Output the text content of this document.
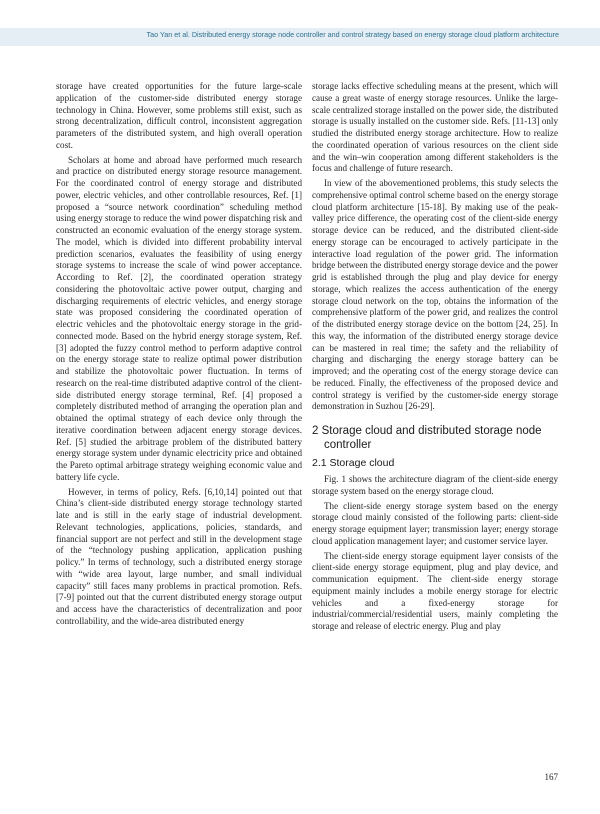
Tao Yan et al. Distributed energy storage node controller and control strategy based on energy storage cloud platform architecture

storage have created opportunities for the future large-scale application of the customer-side distributed energy storage technology in China. However, some problems still exist, such as strong decentralization, difficult control, inconsistent aggregation parameters of the distributed system, and high overall operation cost.

Scholars at home and abroad have performed much research and practice on distributed energy storage resource management. For the coordinated control of energy storage and distributed power, electric vehicles, and other controllable resources, Ref. [1] proposed a “source network coordination” scheduling method using energy storage to reduce the wind power dispatching risk and constructed an economic evaluation of the energy storage system. The model, which is divided into different probability interval prediction scenarios, evaluates the feasibility of using energy storage systems to increase the scale of wind power acceptance. According to Ref. [2], the coordinated operation strategy considering the photovoltaic active power output, charging and discharging requirements of electric vehicles, and energy storage state was proposed considering the coordinated operation of electric vehicles and the photovoltaic energy storage in the grid-connected mode. Based on the hybrid energy storage system, Ref. [3] adopted the fuzzy control method to perform adaptive control on the energy storage state to realize optimal power distribution and stabilize the photovoltaic power fluctuation. In terms of research on the real-time distributed adaptive control of the client-side distributed energy storage terminal, Ref. [4] proposed a completely distributed method of arranging the operation plan and obtained the optimal strategy of each device only through the iterative coordination between adjacent energy storage devices. Ref. [5] studied the arbitrage problem of the distributed battery energy storage system under dynamic electricity price and obtained the Pareto optimal arbitrage strategy weighing economic value and battery life cycle.

However, in terms of policy, Refs. [6,10,14] pointed out that China’s client-side distributed energy storage technology started late and is still in the early stage of industrial development. Relevant technologies, applications, policies, standards, and financial support are not perfect and still in the development stage of the “technology pushing application, application pushing policy.” In terms of technology, such a distributed energy storage with “wide area layout, large number, and small individual capacity” still faces many problems in practical promotion. Refs. [7-9] pointed out that the current distributed energy storage output and access have the characteristics of decentralization and poor controllability, and the wide-area distributed energy

storage lacks effective scheduling means at the present, which will cause a great waste of energy storage resources. Unlike the large-scale centralized storage installed on the power side, the distributed storage is usually installed on the customer side. Refs. [11-13] only studied the distributed energy storage architecture. How to realize the coordinated operation of various resources on the client side and the win–win cooperation among different stakeholders is the focus and challenge of future research.

In view of the abovementioned problems, this study selects the comprehensive optimal control scheme based on the energy storage cloud platform architecture [15-18]. By making use of the peak-valley price difference, the operating cost of the client-side energy storage device can be reduced, and the distributed client-side energy storage can be encouraged to actively participate in the interactive load regulation of the power grid. The information bridge between the distributed energy storage device and the power grid is established through the plug and play device for energy storage, which realizes the access authentication of the energy storage cloud network on the top, obtains the information of the comprehensive platform of the power grid, and realizes the control of the distributed energy storage device on the bottom [24, 25]. In this way, the information of the distributed energy storage device can be mastered in real time; the safety and the reliability of charging and discharging the energy storage battery can be improved; and the operating cost of the energy storage device can be reduced. Finally, the effectiveness of the proposed device and control strategy is verified by the customer-side energy storage demonstration in Suzhou [26-29].

2 Storage cloud and distributed storage node controller
2.1 Storage cloud

Fig. 1 shows the architecture diagram of the client-side energy storage system based on the energy storage cloud.

The client-side energy storage system based on the energy storage cloud mainly consisted of the following parts: client-side energy storage equipment layer; transmission layer; energy storage cloud application management layer; and customer service layer.

The client-side energy storage equipment layer consists of the client-side energy storage equipment, plug and play device, and communication equipment. The client-side energy storage equipment mainly includes a mobile energy storage for electric vehicles and a fixed-energy storage for industrial/commercial/residential users, mainly completing the storage and release of electric energy. Plug and play

167
